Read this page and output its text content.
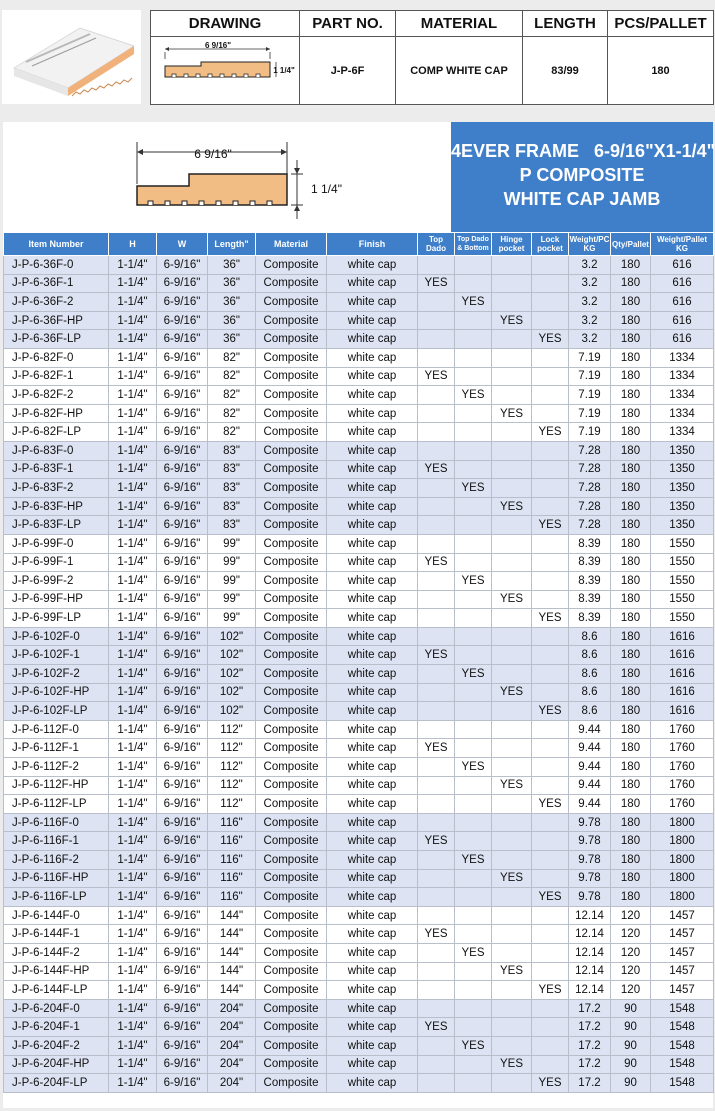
DRAWING	PART NO.	MATERIAL	LENGTH	PCS/PALLET

6 9/16"
1 1/4"	J-P-6F	COMP WHITE CAP	83/99	180
6 9/16"
1 1/4"
4EVER FRAME   6-9/16"X1-1/4"
P COMPOSITE
WHITE CAP JAMB
Item Number	H	W	Length"	Material	Finish	Top Dado	Top Dado & Bottom	Hinge pocket	Lock pocket	Weight/PC KG	Qty/Pallet	Weight/Pallet KG
J-P-6-36F-0	1-1/4"	6-9/16"	36"	Composite	white cap					3.2	180	616
J-P-6-36F-1	1-1/4"	6-9/16"	36"	Composite	white cap	YES				3.2	180	616
J-P-6-36F-2	1-1/4"	6-9/16"	36"	Composite	white cap		YES			3.2	180	616
J-P-6-36F-HP	1-1/4"	6-9/16"	36"	Composite	white cap			YES		3.2	180	616
J-P-6-36F-LP	1-1/4"	6-9/16"	36"	Composite	white cap				YES	3.2	180	616
J-P-6-82F-0	1-1/4"	6-9/16"	82"	Composite	white cap					7.19	180	1334
J-P-6-82F-1	1-1/4"	6-9/16"	82"	Composite	white cap	YES				7.19	180	1334
J-P-6-82F-2	1-1/4"	6-9/16"	82"	Composite	white cap		YES			7.19	180	1334
J-P-6-82F-HP	1-1/4"	6-9/16"	82"	Composite	white cap			YES		7.19	180	1334
J-P-6-82F-LP	1-1/4"	6-9/16"	82"	Composite	white cap				YES	7.19	180	1334
J-P-6-83F-0	1-1/4"	6-9/16"	83"	Composite	white cap					7.28	180	1350
J-P-6-83F-1	1-1/4"	6-9/16"	83"	Composite	white cap	YES				7.28	180	1350
J-P-6-83F-2	1-1/4"	6-9/16"	83"	Composite	white cap		YES			7.28	180	1350
J-P-6-83F-HP	1-1/4"	6-9/16"	83"	Composite	white cap			YES		7.28	180	1350
J-P-6-83F-LP	1-1/4"	6-9/16"	83"	Composite	white cap				YES	7.28	180	1350
J-P-6-99F-0	1-1/4"	6-9/16"	99"	Composite	white cap					8.39	180	1550
J-P-6-99F-1	1-1/4"	6-9/16"	99"	Composite	white cap	YES				8.39	180	1550
J-P-6-99F-2	1-1/4"	6-9/16"	99"	Composite	white cap		YES			8.39	180	1550
J-P-6-99F-HP	1-1/4"	6-9/16"	99"	Composite	white cap			YES		8.39	180	1550
J-P-6-99F-LP	1-1/4"	6-9/16"	99"	Composite	white cap				YES	8.39	180	1550
J-P-6-102F-0	1-1/4"	6-9/16"	102"	Composite	white cap					8.6	180	1616
J-P-6-102F-1	1-1/4"	6-9/16"	102"	Composite	white cap	YES				8.6	180	1616
J-P-6-102F-2	1-1/4"	6-9/16"	102"	Composite	white cap		YES			8.6	180	1616
J-P-6-102F-HP	1-1/4"	6-9/16"	102"	Composite	white cap			YES		8.6	180	1616
J-P-6-102F-LP	1-1/4"	6-9/16"	102"	Composite	white cap				YES	8.6	180	1616
J-P-6-112F-0	1-1/4"	6-9/16"	112"	Composite	white cap					9.44	180	1760
J-P-6-112F-1	1-1/4"	6-9/16"	112"	Composite	white cap	YES				9.44	180	1760
J-P-6-112F-2	1-1/4"	6-9/16"	112"	Composite	white cap		YES			9.44	180	1760
J-P-6-112F-HP	1-1/4"	6-9/16"	112"	Composite	white cap			YES		9.44	180	1760
J-P-6-112F-LP	1-1/4"	6-9/16"	112"	Composite	white cap				YES	9.44	180	1760
J-P-6-116F-0	1-1/4"	6-9/16"	116"	Composite	white cap					9.78	180	1800
J-P-6-116F-1	1-1/4"	6-9/16"	116"	Composite	white cap	YES				9.78	180	1800
J-P-6-116F-2	1-1/4"	6-9/16"	116"	Composite	white cap		YES			9.78	180	1800
J-P-6-116F-HP	1-1/4"	6-9/16"	116"	Composite	white cap			YES		9.78	180	1800
J-P-6-116F-LP	1-1/4"	6-9/16"	116"	Composite	white cap				YES	9.78	180	1800
J-P-6-144F-0	1-1/4"	6-9/16"	144"	Composite	white cap					12.14	120	1457
J-P-6-144F-1	1-1/4"	6-9/16"	144"	Composite	white cap	YES				12.14	120	1457
J-P-6-144F-2	1-1/4"	6-9/16"	144"	Composite	white cap		YES			12.14	120	1457
J-P-6-144F-HP	1-1/4"	6-9/16"	144"	Composite	white cap			YES		12.14	120	1457
J-P-6-144F-LP	1-1/4"	6-9/16"	144"	Composite	white cap				YES	12.14	120	1457
J-P-6-204F-0	1-1/4"	6-9/16"	204"	Composite	white cap					17.2	90	1548
J-P-6-204F-1	1-1/4"	6-9/16"	204"	Composite	white cap	YES				17.2	90	1548
J-P-6-204F-2	1-1/4"	6-9/16"	204"	Composite	white cap		YES			17.2	90	1548
J-P-6-204F-HP	1-1/4"	6-9/16"	204"	Composite	white cap			YES		17.2	90	1548
J-P-6-204F-LP	1-1/4"	6-9/16"	204"	Composite	white cap				YES	17.2	90	1548
